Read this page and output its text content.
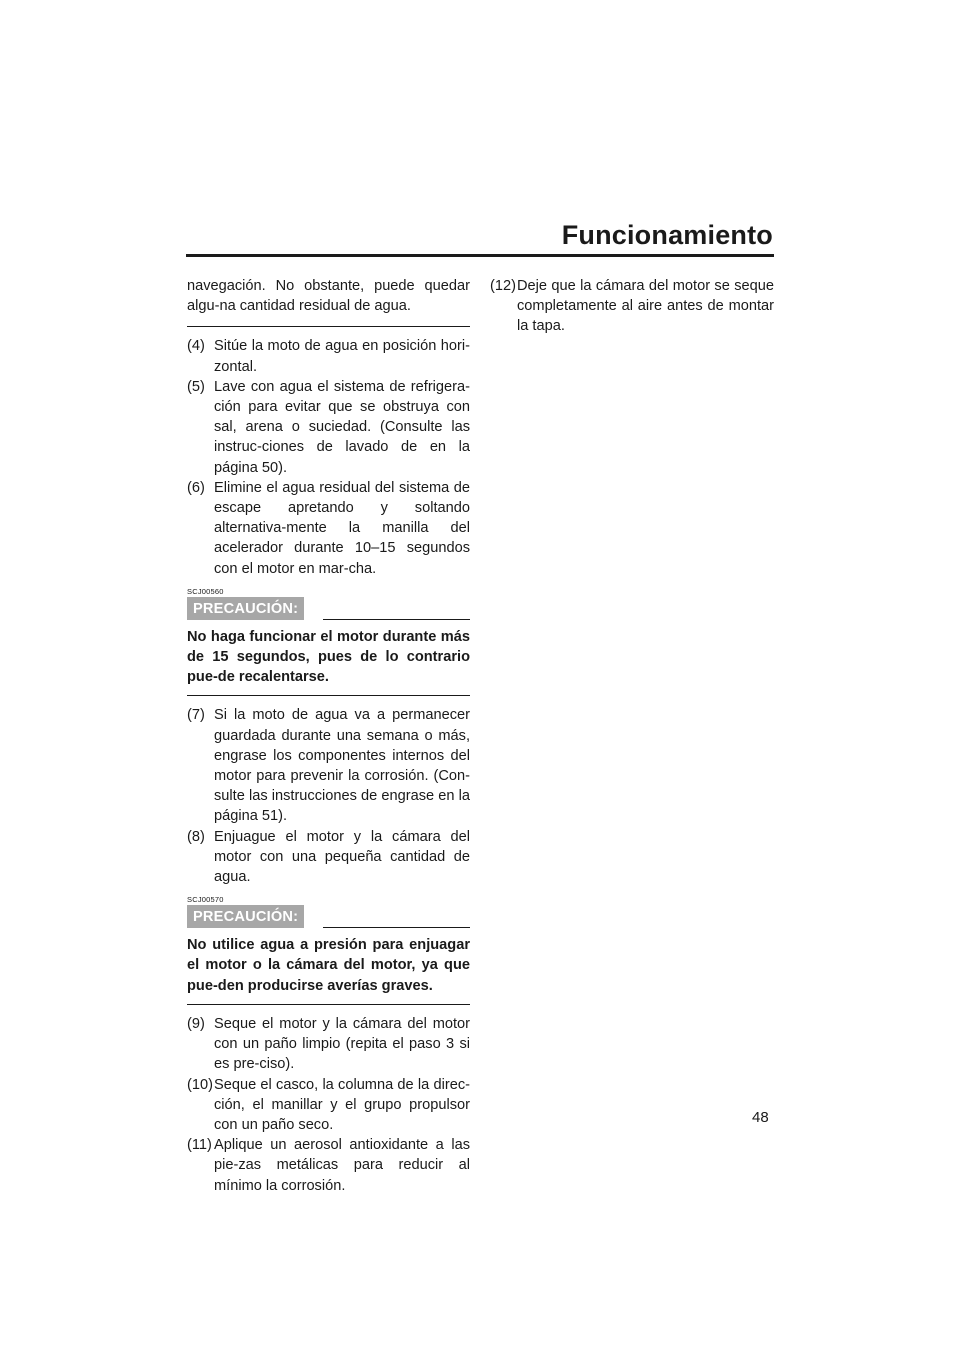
Funcionamiento

navegación. No obstante, puede quedar algu-na cantidad residual de agua.

(4) Sitúe la moto de agua en posición hori-zontal.
(5) Lave con agua el sistema de refrigera-ción para evitar que se obstruya con sal, arena o suciedad. (Consulte las instruc-ciones de lavado de en la página 50).
(6) Elimine el agua residual del sistema de escape apretando y soltando alternativa-mente la manilla del acelerador durante 10–15 segundos con el motor en mar-cha.
SCJ00560
PRECAUCIÓN:

No haga funcionar el motor durante más de 15 segundos, pues de lo contrario pue-de recalentarse.

(7) Si la moto de agua va a permanecer guardada durante una semana o más, engrase los componentes internos del motor para prevenir la corrosión. (Con-sulte las instrucciones de engrase en la página 51).
(8) Enjuague el motor y la cámara del motor con una pequeña cantidad de agua.
SCJ00570
PRECAUCIÓN:

No utilice agua a presión para enjuagar el motor o la cámara del motor, ya que pue-den producirse averías graves.

(9) Seque el motor y la cámara del motor con un paño limpio (repita el paso 3 si es pre-ciso).
(10) Seque el casco, la columna de la direc-ción, el manillar y el grupo propulsor con un paño seco.
(11) Aplique un aerosol antioxidante a las pie-zas metálicas para reducir al mínimo la corrosión.
(12) Deje que la cámara del motor se seque completamente al aire antes de montar la tapa.
48
